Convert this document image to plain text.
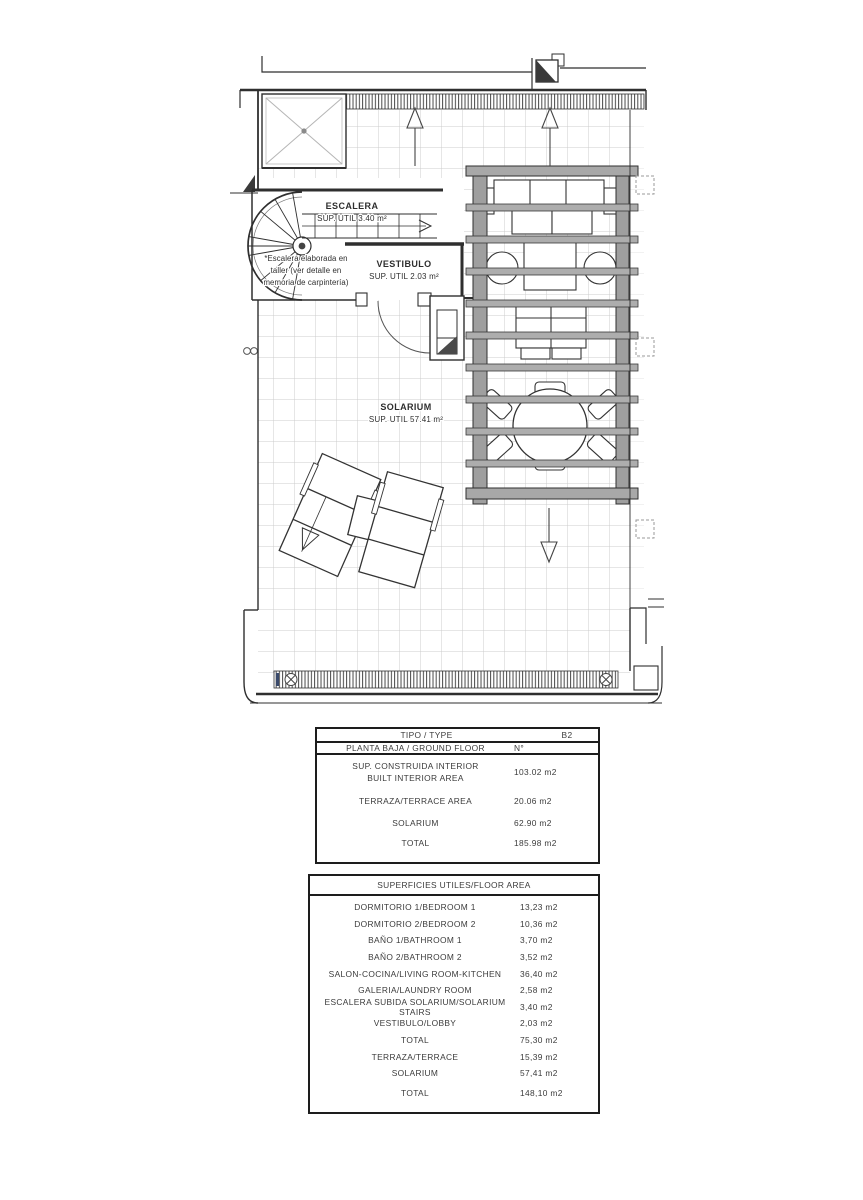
ESCALERA
SUP. UTIL 3.40 m²
*Escalera elaborada en
taller (ver detalle en
memoria de carpintería)
VESTIBULO
SUP. UTIL 2.03 m²
SOLARIUM
SUP. UTIL 57.41 m²
TIPO / TYPE	B2
PLANTA BAJA / GROUND FLOOR	N°
SUP. CONSTRUIDA INTERIOR
BUILT INTERIOR AREA
103.02 m2
TERRAZA/TERRACE AREA	20.06 m2
SOLARIUM	62.90 m2
TOTAL	185.98 m2
SUPERFICIES UTILES/FLOOR AREA
DORMITORIO 1/BEDROOM 1	13,23 m2
DORMITORIO 2/BEDROOM 2	10,36 m2
BAÑO 1/BATHROOM 1	3,70 m2
BAÑO 2/BATHROOM 2	3,52 m2
SALON-COCINA/LIVING ROOM-KITCHEN	36,40 m2
GALERIA/LAUNDRY ROOM	2,58 m2
ESCALERA SUBIDA SOLARIUM/SOLARIUM STAIRS	3,40 m2
VESTIBULO/LOBBY	2,03 m2
TOTAL	75,30 m2
TERRAZA/TERRACE	15,39 m2
SOLARIUM	57,41 m2
TOTAL	148,10 m2
